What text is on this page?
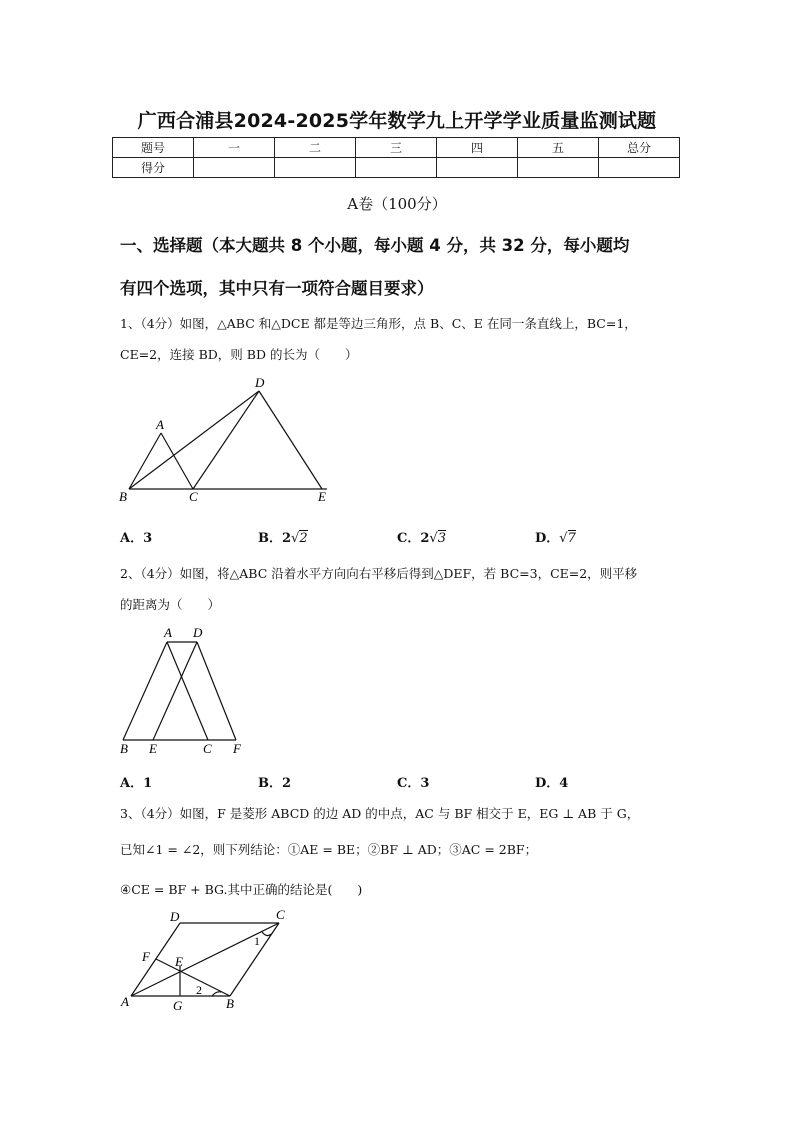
广西合浦县2024-2025学年数学九上开学学业质量监测试题
题号	一	二	三	四	五	总分
得分						
A卷（100分）
一、选择题（本大题共 8 个小题，每小题 4 分，共 32 分，每小题均
有四个选项，其中只有一项符合题目要求）
1、（4分）如图，△ABC 和△DCE 都是等边三角形，点 B、C、E 在同一条直线上，BC=1，
CE=2，连接 BD，则 BD 的长为（　　）
A
B	C
D
E
A．3	B．2√2	C．2√3	D．√7
2、（4分）如图，将△ABC 沿着水平方向向右平移后得到△DEF，若 BC=3，CE=2，则平移
的距离为（　　）
A D
B E	C F
A．1	B．2	C．3	D．4
3、（4分）如图，F 是菱形 ABCD 的边 AD 的中点，AC 与 BF 相交于 E，EG ⊥ AB 于 G，
已知∠1 = ∠2，则下列结论：①AE = BE；②BF ⊥ AD；③AC = 2BF；
④CE = BF + BG.其中正确的结论是(　　)
A	B
C
D
E
F
G
1
2
